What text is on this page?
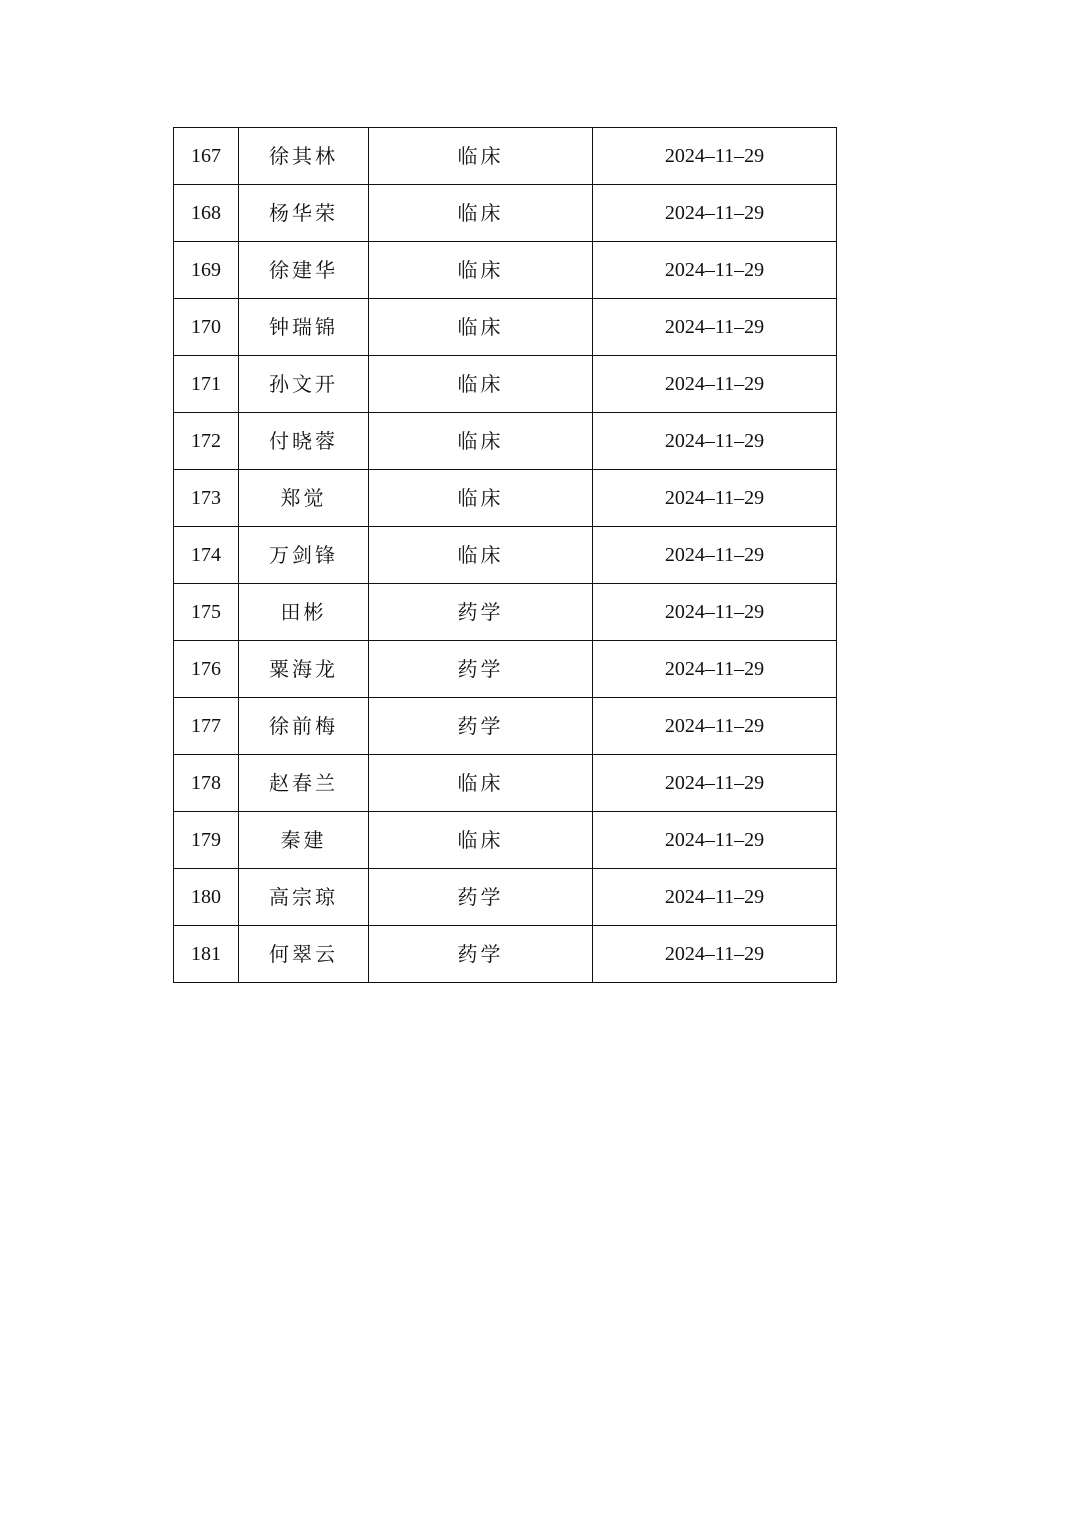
167	徐其林	临床	2024–11–29
168	杨华荣	临床	2024–11–29
169	徐建华	临床	2024–11–29
170	钟瑞锦	临床	2024–11–29
171	孙文开	临床	2024–11–29
172	付晓蓉	临床	2024–11–29
173	郑觉	临床	2024–11–29
174	万剑锋	临床	2024–11–29
175	田彬	药学	2024–11–29
176	粟海龙	药学	2024–11–29
177	徐前梅	药学	2024–11–29
178	赵春兰	临床	2024–11–29
179	秦建	临床	2024–11–29
180	高宗琼	药学	2024–11–29
181	何翠云	药学	2024–11–29
